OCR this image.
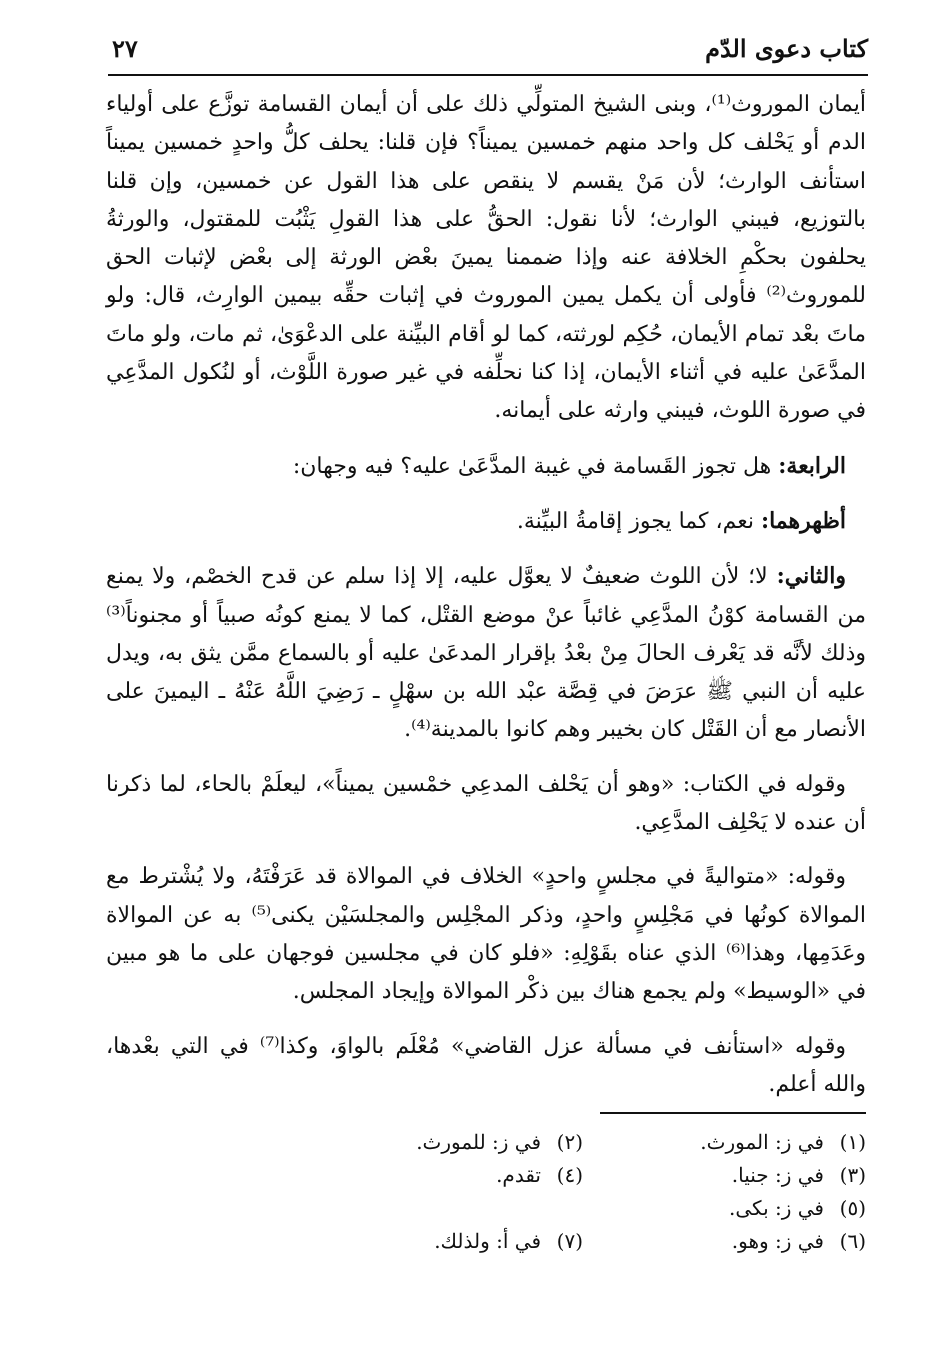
كتاب دعوى الدّم
٢٧

أيمان الموروث⁽¹⁾، وبنى الشيخ المتولِّي ذلك على أن أيمان القسامة توزَّع على أولياء الدم أو يَحْلف كل واحد منهم خمسين يميناً؟ فإن قلنا: يحلف كلُّ واحدٍ خمسين يميناً استأنف الوارث؛ لأن مَنْ يقسم لا ينقص على هذا القول عن خمسين، وإن قلنا بالتوزيع، فيبني الوارث؛ لأنا نقول: الحقُّ على هذا القولِ يَثْبُت للمقتول، والورثةُ يحلفون بحكْمِ الخلافة عنه وإذا ضممنا يمينَ بعْض الورثة إلى بعْض لإثبات الحق للموروث⁽²⁾ فأولى أن يكمل يمين الموروث في إثبات حقِّه بيمين الوارِث، قال: ولو ماتَ بعْد تمام الأيمان، حُكِم لورثته، كما لو أقام البيِّنة على الدعْوَىٰ، ثم مات، ولو ماتَ المدَّعَىٰ عليه في أثناء الأيمان، إذا كنا نحلِّفه في غير صورة اللَّوْث، أو لنُكول المدَّعِي في صورة اللوث، فيبني وارثه على أيمانه.

الرابعة: هل تجوز القَسامة في غيبة المدَّعَىٰ عليه؟ فيه وجهان:

أظهرهما: نعم، كما يجوز إقامةُ البيِّنة.

والثاني: لا؛ لأن اللوث ضعيفٌ لا يعوَّل عليه، إلا إذا سلم عن قدح الخصْم، ولا يمنع من القسامة كوْنُ المدَّعِي غائباً عنْ موضع القتْل، كما لا يمنع كونُه صبياً أو مجنوناً⁽³⁾ وذلك لأنَّه قد يَعْرف الحالَ مِنْ بعْدُ بإقرار المدعَىٰ عليه أو بالسماع ممَّن يثق به، ويدل عليه أن النبي ﷺ عرَضَ في قِصَّة عبْد الله بن سهْلٍ ـ رَضِيَ اللَّهُ عَنْهُ ـ اليمينَ على الأنصار مع أن القَتْل كان بخيبر وهم كانوا بالمدينة⁽⁴⁾.

وقوله في الكتاب: «وهو أن يَحْلف المدعِي خمْسين يميناً»، ليعلَمْ بالحاء، لما ذكرنا أن عنده لا يَحْلِف المدَّعِي.

وقوله: «متواليةً في مجلسٍ واحدٍ» الخلاف في الموالاة قد عَرَفْتَهُ، ولا يُشْترط مع الموالاة كونُها في مَجْلِسٍ واحدٍ، وذكر المجْلِس والمجلسَيْن يكنى⁽⁵⁾ به عن الموالاة وعَدَمِها، وهذا⁽⁶⁾ الذي عناه بقَوْلِهِ: «فلو كان في مجلسين فوجهان على ما هو مبين في «الوسيط» ولم يجمع هناك بين ذكْر الموالاة وإيجاد المجلس.

وقوله «استأنف في مسألة عزل القاضي» مُعْلَم بالواوَ، وكذا⁽⁷⁾ في التي بعْدها، والله أعلم.

(١)في ز: المورث.
(٢)في ز: للمورث.
(٣)في ز: جنيا.
(٤)تقدم.
(٥)في ز: بكى.
(٦)في ز: وهو.
(٧)في أ: ولذلك.
